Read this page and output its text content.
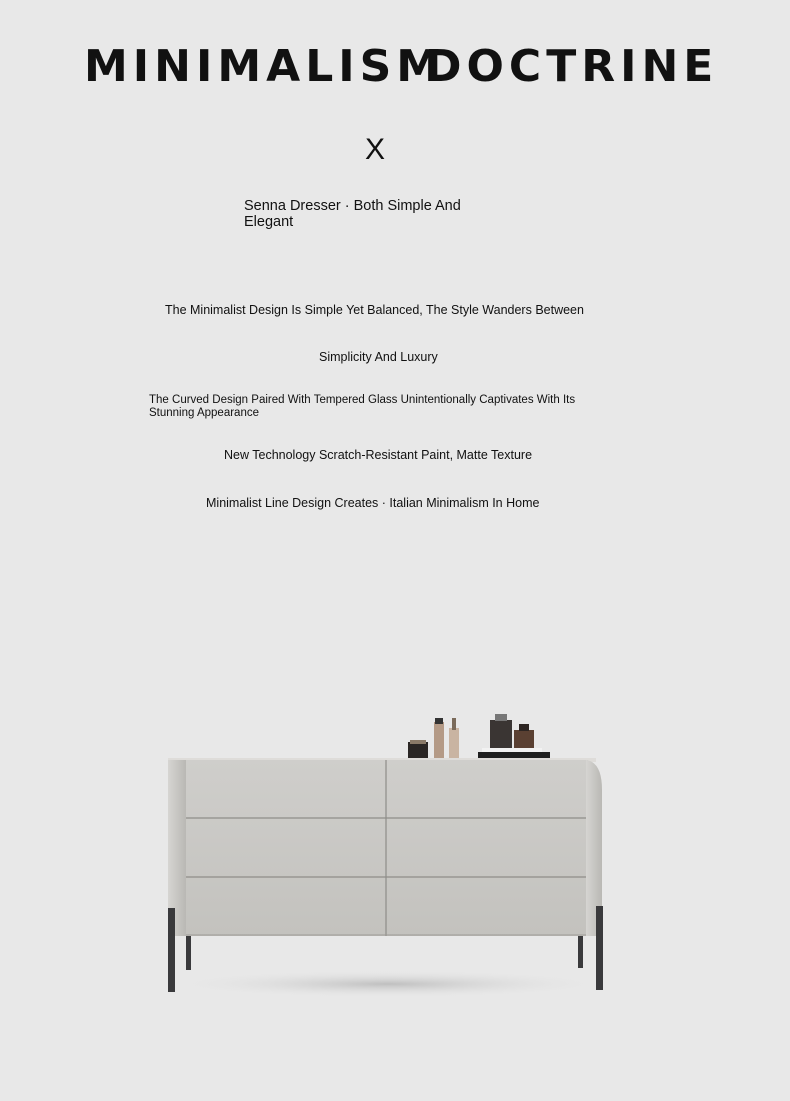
MINIMALISM
DOCTRINE
X
Senna Dresser · Both Simple And Elegant
The Minimalist Design Is Simple Yet Balanced, The Style Wanders Between
Simplicity And Luxury
The Curved Design Paired With Tempered Glass Unintentionally Captivates With Its Stunning Appearance
New Technology Scratch-Resistant Paint, Matte Texture
Minimalist Line Design Creates · Italian Minimalism In Home
